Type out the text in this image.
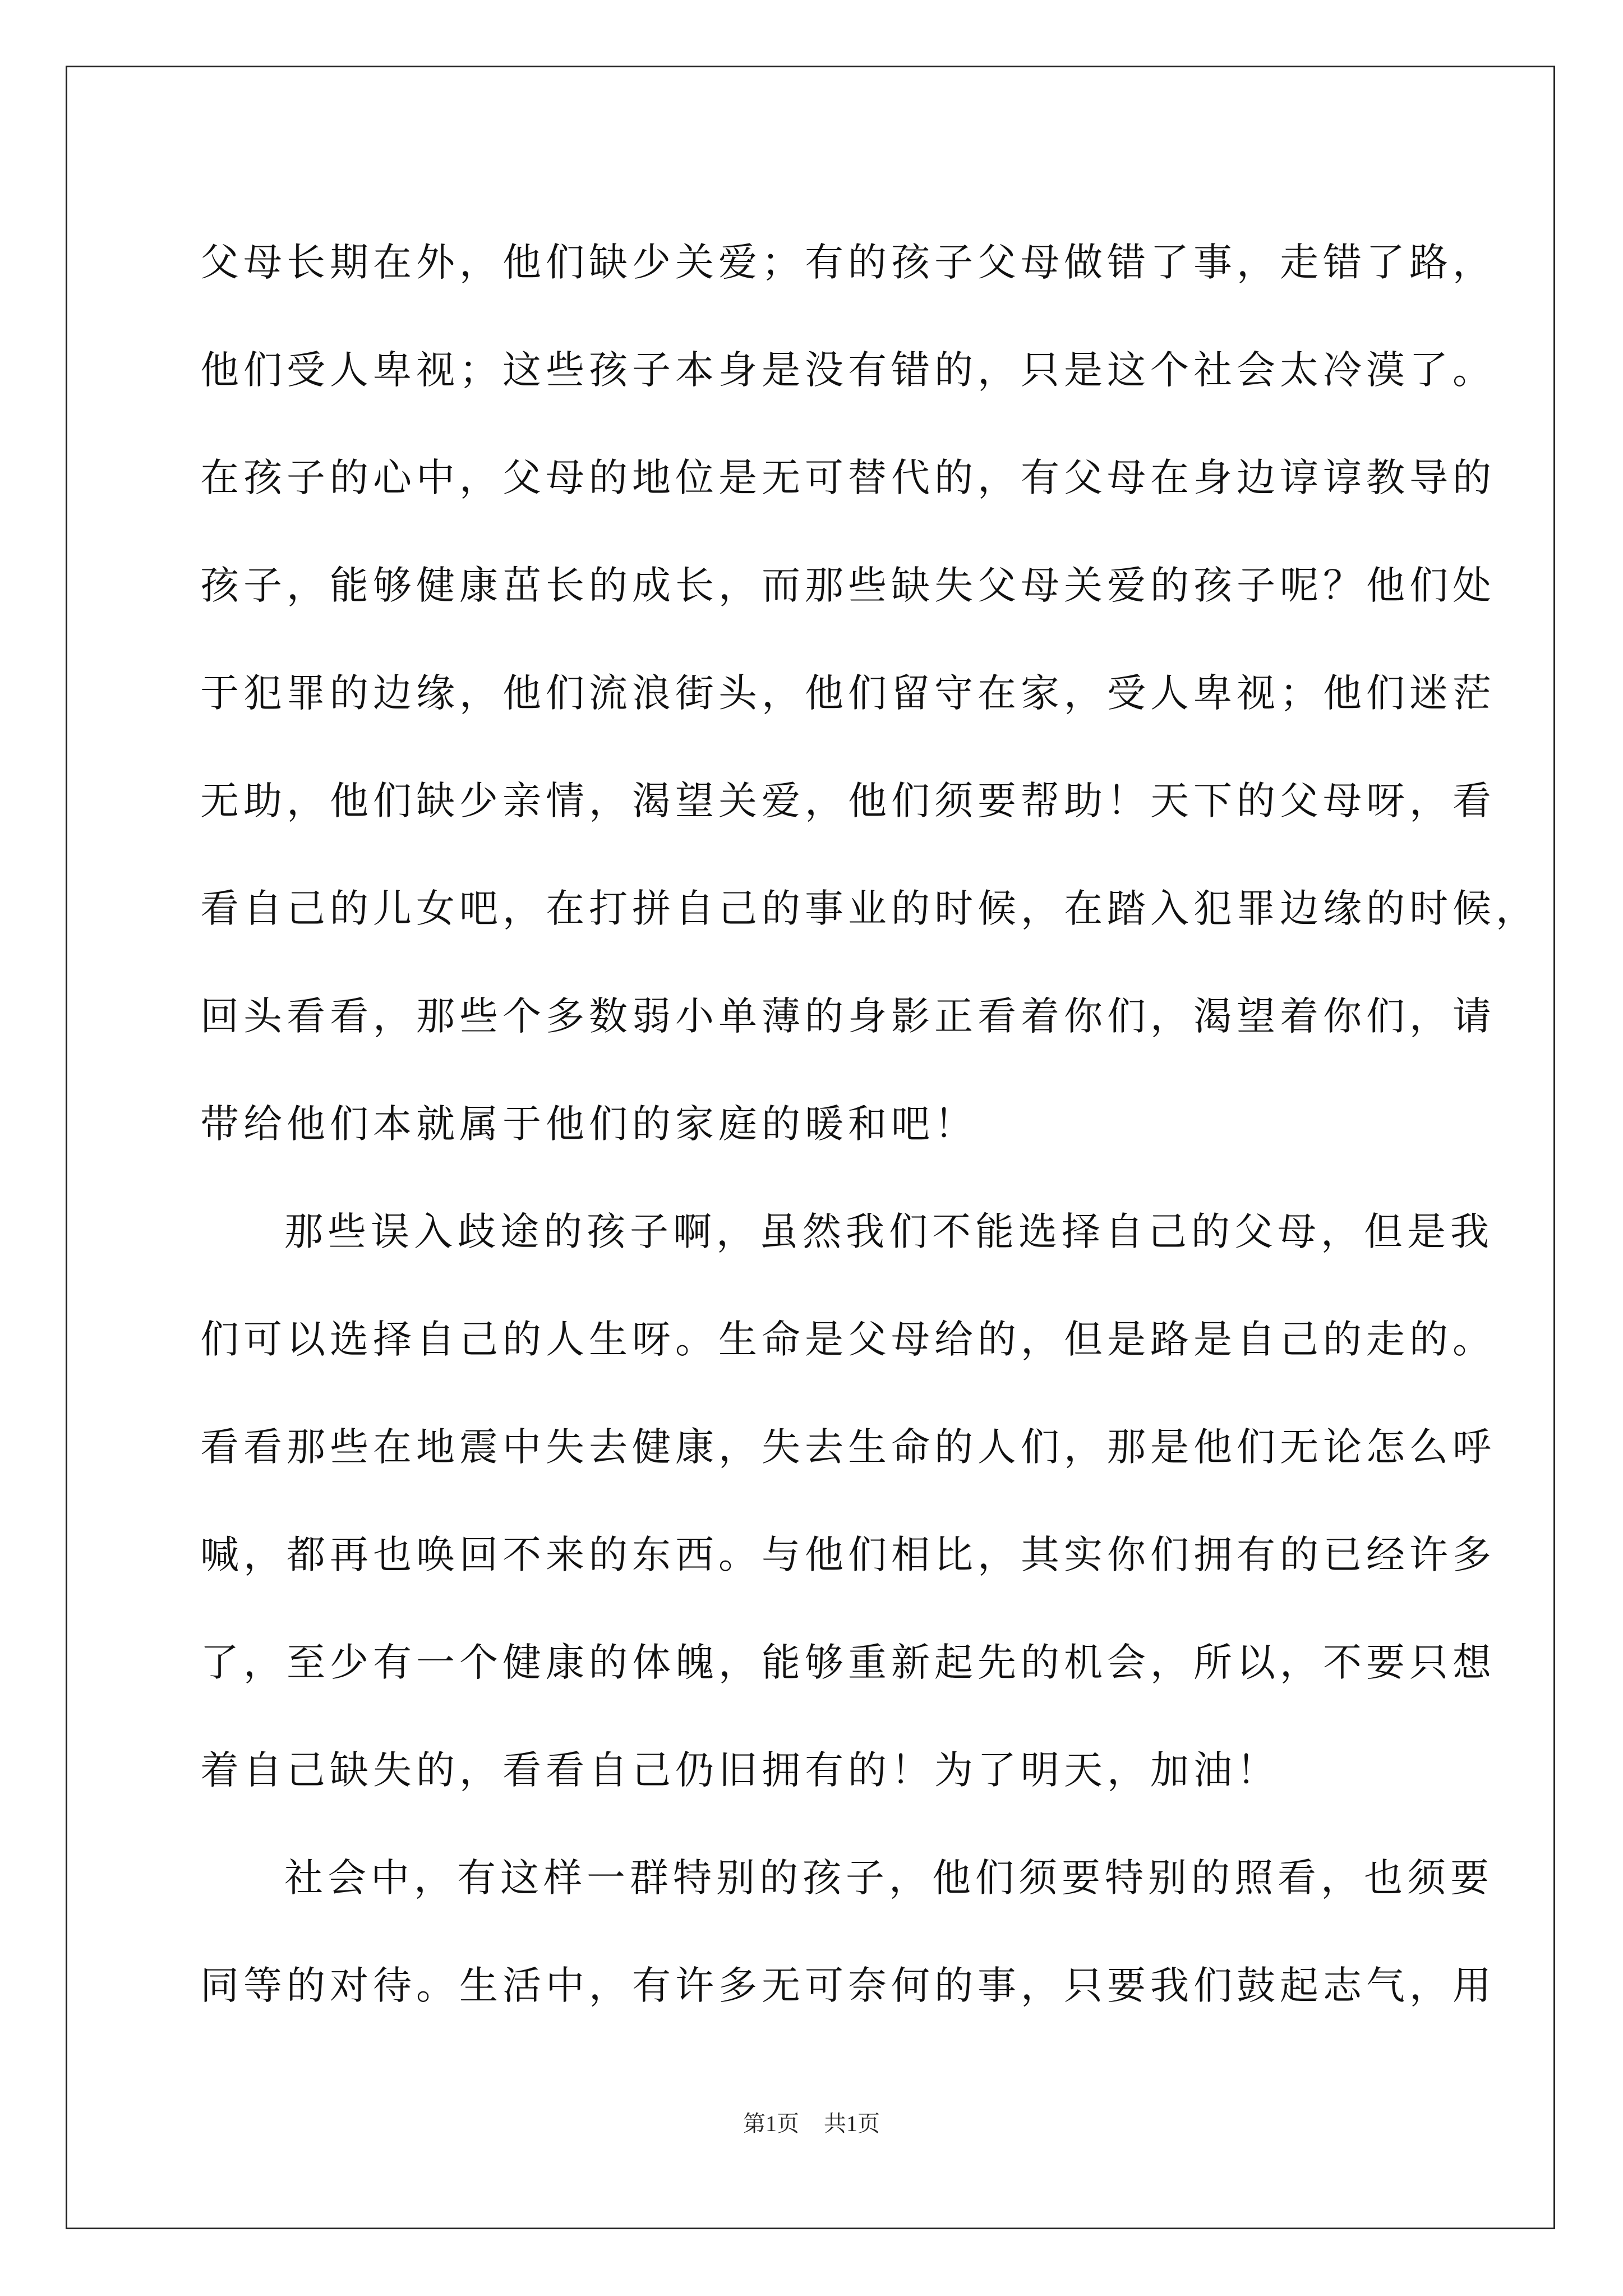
父母长期在外，他们缺少关爱；有的孩子父母做错了事，走错了路，
他们受人卑视；这些孩子本身是没有错的，只是这个社会太冷漠了。
在孩子的心中，父母的地位是无可替代的，有父母在身边谆谆教导的
孩子，能够健康茁长的成长，而那些缺失父母关爱的孩子呢？他们处
于犯罪的边缘，他们流浪街头，他们留守在家，受人卑视；他们迷茫
无助，他们缺少亲情，渴望关爱，他们须要帮助！天下的父母呀，看
看自己的儿女吧，在打拼自己的事业的时候，在踏入犯罪边缘的时候，
回头看看，那些个多数弱小单薄的身影正看着你们，渴望着你们，请
带给他们本就属于他们的家庭的暖和吧！
那些误入歧途的孩子啊，虽然我们不能选择自己的父母，但是我
们可以选择自己的人生呀。生命是父母给的，但是路是自己的走的。
看看那些在地震中失去健康，失去生命的人们，那是他们无论怎么呼
喊，都再也唤回不来的东西。与他们相比，其实你们拥有的已经许多
了，至少有一个健康的体魄，能够重新起先的机会，所以，不要只想
着自己缺失的，看看自己仍旧拥有的！为了明天，加油！
社会中，有这样一群特别的孩子，他们须要特别的照看，也须要
同等的对待。生活中，有许多无可奈何的事，只要我们鼓起志气，用
第1页 共1页
